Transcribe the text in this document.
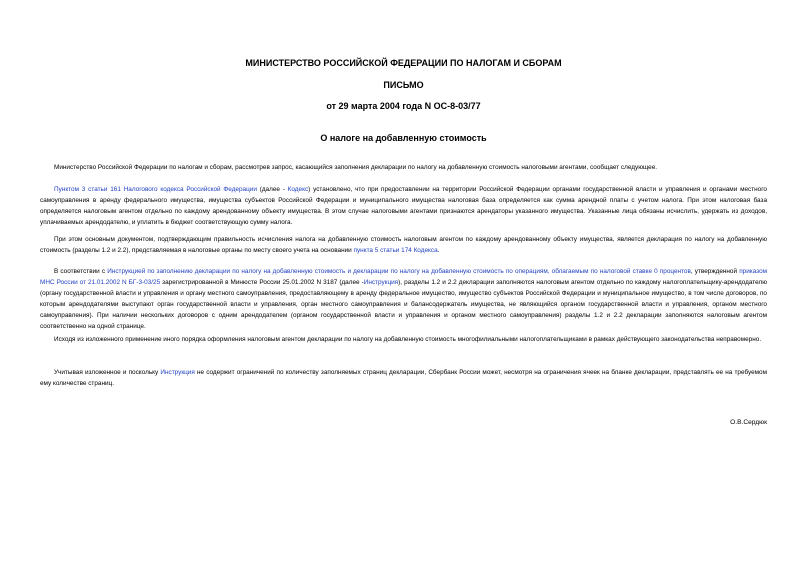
МИНИСТЕРСТВО РОССИЙСКОЙ ФЕДЕРАЦИИ ПО НАЛОГАМ И СБОРАМ
ПИСЬМО
от 29 марта 2004 года N ОС-8-03/77
О налоге на добавленную стоимость
Министерство Российской Федерации по налогам и сборам, рассмотрев запрос, касающийся заполнения декларации по налогу на добавленную стоимость налоговыми агентами, сообщает следующее.
Пунктом 3 статьи 161 Налогового кодекса Российской Федерации (далее - Кодекс) установлено, что при предоставлении на территории Российской Федерации органами государственной власти и управления и органами местного самоуправления в аренду федерального имущества, имущества субъектов Российской Федерации и муниципального имущества налоговая база определяется как сумма арендной платы с учетом налога. При этом налоговая база определяется налоговым агентом отдельно по каждому арендованному объекту имущества. В этом случае налоговыми агентами признаются арендаторы указанного имущества. Указанные лица обязаны исчислить, удержать из доходов, уплачиваемых арендодателю, и уплатить в бюджет соответствующую сумму налога.
При этом основным документом, подтверждающим правильность исчисления налога на добавленную стоимость налоговым агентом по каждому арендованному объекту имущества, является декларация по налогу на добавленную стоимость (разделы 1.2 и 2.2), представляемая в налоговые органы по месту своего учета на основании пункта 5 статьи 174 Кодекса.
В соответствии с Инструкцией по заполнению декларации по налогу на добавленную стоимость и декларации по налогу на добавленную стоимость по операциям, облагаемым по налоговой ставке 0 процентов, утвержденной приказом МНС России от 21.01.2002 N БГ-3-03/25 зарегистрированной в Минюсте России 25.01.2002 N 3187 (далее -Инструкция), разделы 1.2 и 2.2 декларации заполняются налоговым агентом отдельно по каждому налогоплательщику-арендодателю (органу государственной власти и управления и органу местного самоуправления, предоставляющему в аренду федеральное имущество, имущество субъектов Российской Федерации и муниципальное имущество, в том числе договоров, по которым арендодателями выступают орган государственной власти и управления, орган местного самоуправления и балансодержатель имущества, не являющийся органом государственной власти и управления, органом местного самоуправления). При наличии нескольких договоров с одним арендодателем (органом государственной власти и управления и органом местного самоуправления) разделы 1.2 и 2.2 декларации заполняются налоговым агентом соответственно на одной странице.
Исходя из изложенного применение иного порядка оформления налоговым агентом декларации по налогу на добавленную стоимость многофилиальными налогоплательщиками в рамках действующего законодательства неправомерно.
Учитывая изложенное и поскольку Инструкция не содержит ограничений по количеству заполняемых страниц декларации, Сбербанк России может, несмотря на ограничения ячеек на бланке декларации, представлять ее на требуемом ему количестве страниц.
О.В.Сердюк
